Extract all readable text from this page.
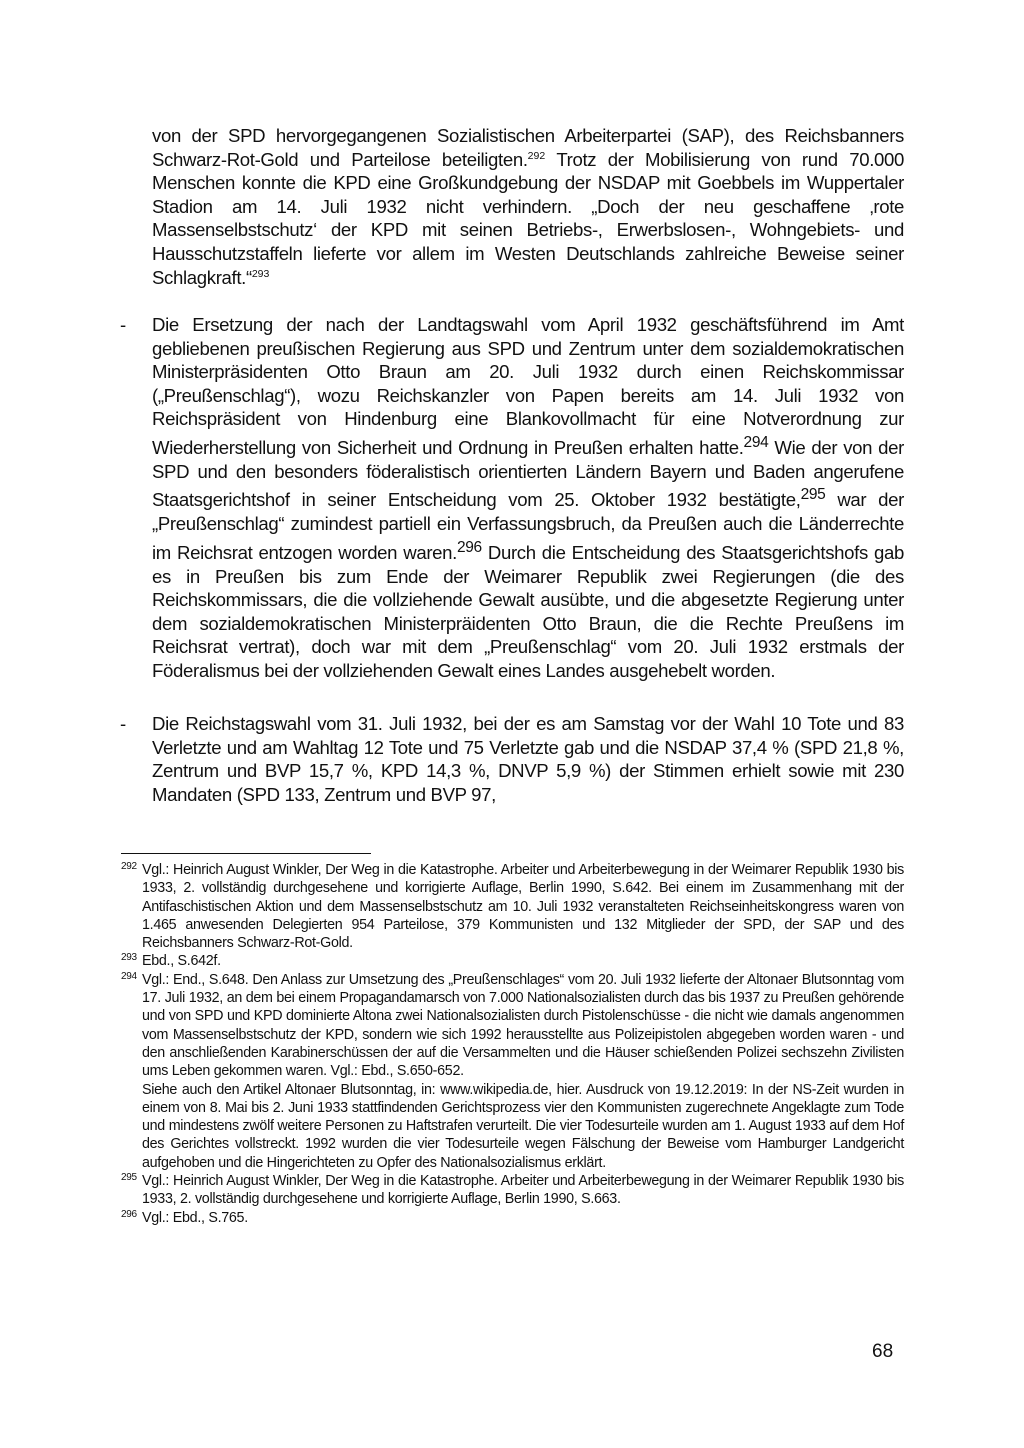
von der SPD hervorgegangenen Sozialistischen Arbeiterpartei (SAP), des Reichsbanners Schwarz-Rot-Gold und Parteilose beteiligten.$^{292}$ Trotz der Mobilisierung von rund 70.000 Menschen konnte die KPD eine Großkundgebung der NSDAP mit Goebbels im Wuppertaler Stadion am 14. Juli 1932 nicht verhindern. „Doch der neu geschaffene ‚rote Massenselbstschutz‘ der KPD mit seinen Betriebs-, Erwerbslosen-, Wohngebiets- und Hausschutzstaffeln lieferte vor allem im Westen Deutschlands zahlreiche Beweise seiner Schlagkraft.“$^{293}$

-	Die Ersetzung der nach der Landtagswahl vom April 1932 geschäftsführend im Amt gebliebenen preußischen Regierung aus SPD und Zentrum unter dem sozialdemokratischen Ministerpräsidenten Otto Braun am 20. Juli 1932 durch einen Reichskommissar („Preußenschlag“), wozu Reichskanzler von Papen bereits am 14. Juli 1932 von Reichspräsident von Hindenburg eine Blankovollmacht für eine Notverordnung zur Wiederherstellung von Sicherheit und Ordnung in Preußen erhalten hatte.$^{294}$ Wie der von der SPD und den besonders föderalistisch orientierten Ländern Bayern und Baden angerufene Staatsgerichtshof in seiner Entscheidung vom 25. Oktober 1932 bestätigte,$^{295}$ war der „Preußenschlag“ zumindest partiell ein Verfassungsbruch, da Preußen auch die Länderrechte im Reichsrat entzogen worden waren.$^{296}$ Durch die Entscheidung des Staatsgerichtshofs gab es in Preußen bis zum Ende der Weimarer Republik zwei Regierungen (die des Reichskommissars, die die vollziehende Gewalt ausübte, und die abgesetzte Regierung unter dem sozialdemokratischen Ministerpräidenten Otto Braun, die die Rechte Preußens im Reichsrat vertrat), doch war mit dem „Preußenschlag“ vom 20. Juli 1932 erstmals der Föderalismus bei der vollziehenden Gewalt eines Landes ausgehebelt worden.
-	Die Reichstagswahl vom 31. Juli 1932, bei der es am Samstag vor der Wahl 10 Tote und 83 Verletzte und am Wahltag 12 Tote und 75 Verletzte gab und die NSDAP 37,4 % (SPD 21,8 %, Zentrum und BVP 15,7 %, KPD 14,3 %, DNVP 5,9 %) der Stimmen erhielt sowie mit 230 Mandaten (SPD 133, Zentrum und BVP 97,
292 Vgl.: Heinrich August Winkler, Der Weg in die Katastrophe. Arbeiter und Arbeiterbewegung in der Weimarer Republik 1930 bis 1933, 2. vollständig durchgesehene und korrigierte Auflage, Berlin 1990, S.642. Bei einem im Zusammenhang mit der Antifaschistischen Aktion und dem Massenselbstschutz am 10. Juli 1932 veranstalteten Reichseinheitskongress waren von 1.465 anwesenden Delegierten 954 Parteilose, 379 Kommunisten und 132 Mitglieder der SPD, der SAP und des Reichsbanners Schwarz-Rot-Gold.
293 Ebd., S.642f.
294 Vgl.: End., S.648. Den Anlass zur Umsetzung des „Preußenschlages“ vom 20. Juli 1932 lieferte der Altonaer Blutsonntag vom 17. Juli 1932, an dem bei einem Propagandamarsch von 7.000 Nationalsozialisten durch das bis 1937 zu Preußen gehörende und von SPD und KPD dominierte Altona zwei Nationalsozialisten durch Pistolenschüsse - die nicht wie damals angenommen vom Massenselbstschutz der KPD, sondern wie sich 1992 herausstellte aus Polizeipistolen abgegeben worden waren - und den anschließenden Karabinerschüssen der auf die Versammelten und die Häuser schießenden Polizei sechszehn Zivilisten ums Leben gekommen waren. Vgl.: Ebd., S.650-652.
Siehe auch den Artikel Altonaer Blutsonntag, in: www.wikipedia.de, hier. Ausdruck von 19.12.2019: In der NS-Zeit wurden in einem von 8. Mai bis 2. Juni 1933 stattfindenden Gerichtsprozess vier den Kommunisten zugerechnete Angeklagte zum Tode und mindestens zwölf weitere Personen zu Haftstrafen verurteilt. Die vier Todesurteile wurden am 1. August 1933 auf dem Hof des Gerichtes vollstreckt. 1992 wurden die vier Todesurteile wegen Fälschung der Beweise vom Hamburger Landgericht aufgehoben und die Hingerichteten zu Opfer des Nationalsozialismus erklärt.
295 Vgl.: Heinrich August Winkler, Der Weg in die Katastrophe. Arbeiter und Arbeiterbewegung in der Weimarer Republik 1930 bis 1933, 2. vollständig durchgesehene und korrigierte Auflage, Berlin 1990, S.663.
296 Vgl.: Ebd., S.765.
68
